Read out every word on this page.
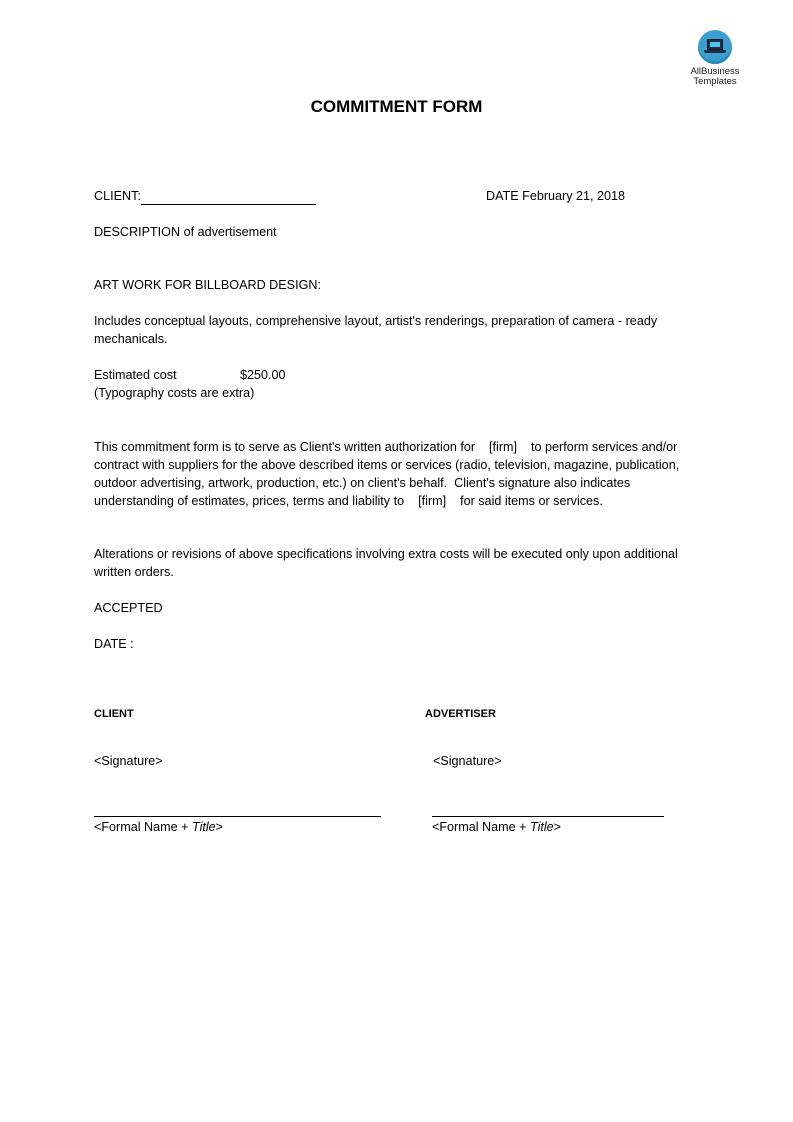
AllBusiness
Templates
COMMITMENT FORM
CLIENT:	DATE February 21, 2018
DESCRIPTION of advertisement
ART WORK FOR BILLBOARD DESIGN:
Includes conceptual layouts, comprehensive layout, artist's renderings, preparation of camera - ready mechanicals.
Estimated cost	$250.00
(Typography costs are extra)
This commitment form is to serve as Client's written authorization for    [firm]    to perform services and/or contract with suppliers for the above described items or services (radio, television, magazine, publication, outdoor advertising, artwork, production, etc.) on client's behalf.  Client's signature also indicates understanding of estimates, prices, terms and liability to    [firm]    for said items or services.
Alterations or revisions of above specifications involving extra costs will be executed only upon additional written orders.
ACCEPTED
DATE :
CLIENT
<Signature>
<Formal Name + Title>
ADVERTISER
<Signature>
<Formal Name + Title>
